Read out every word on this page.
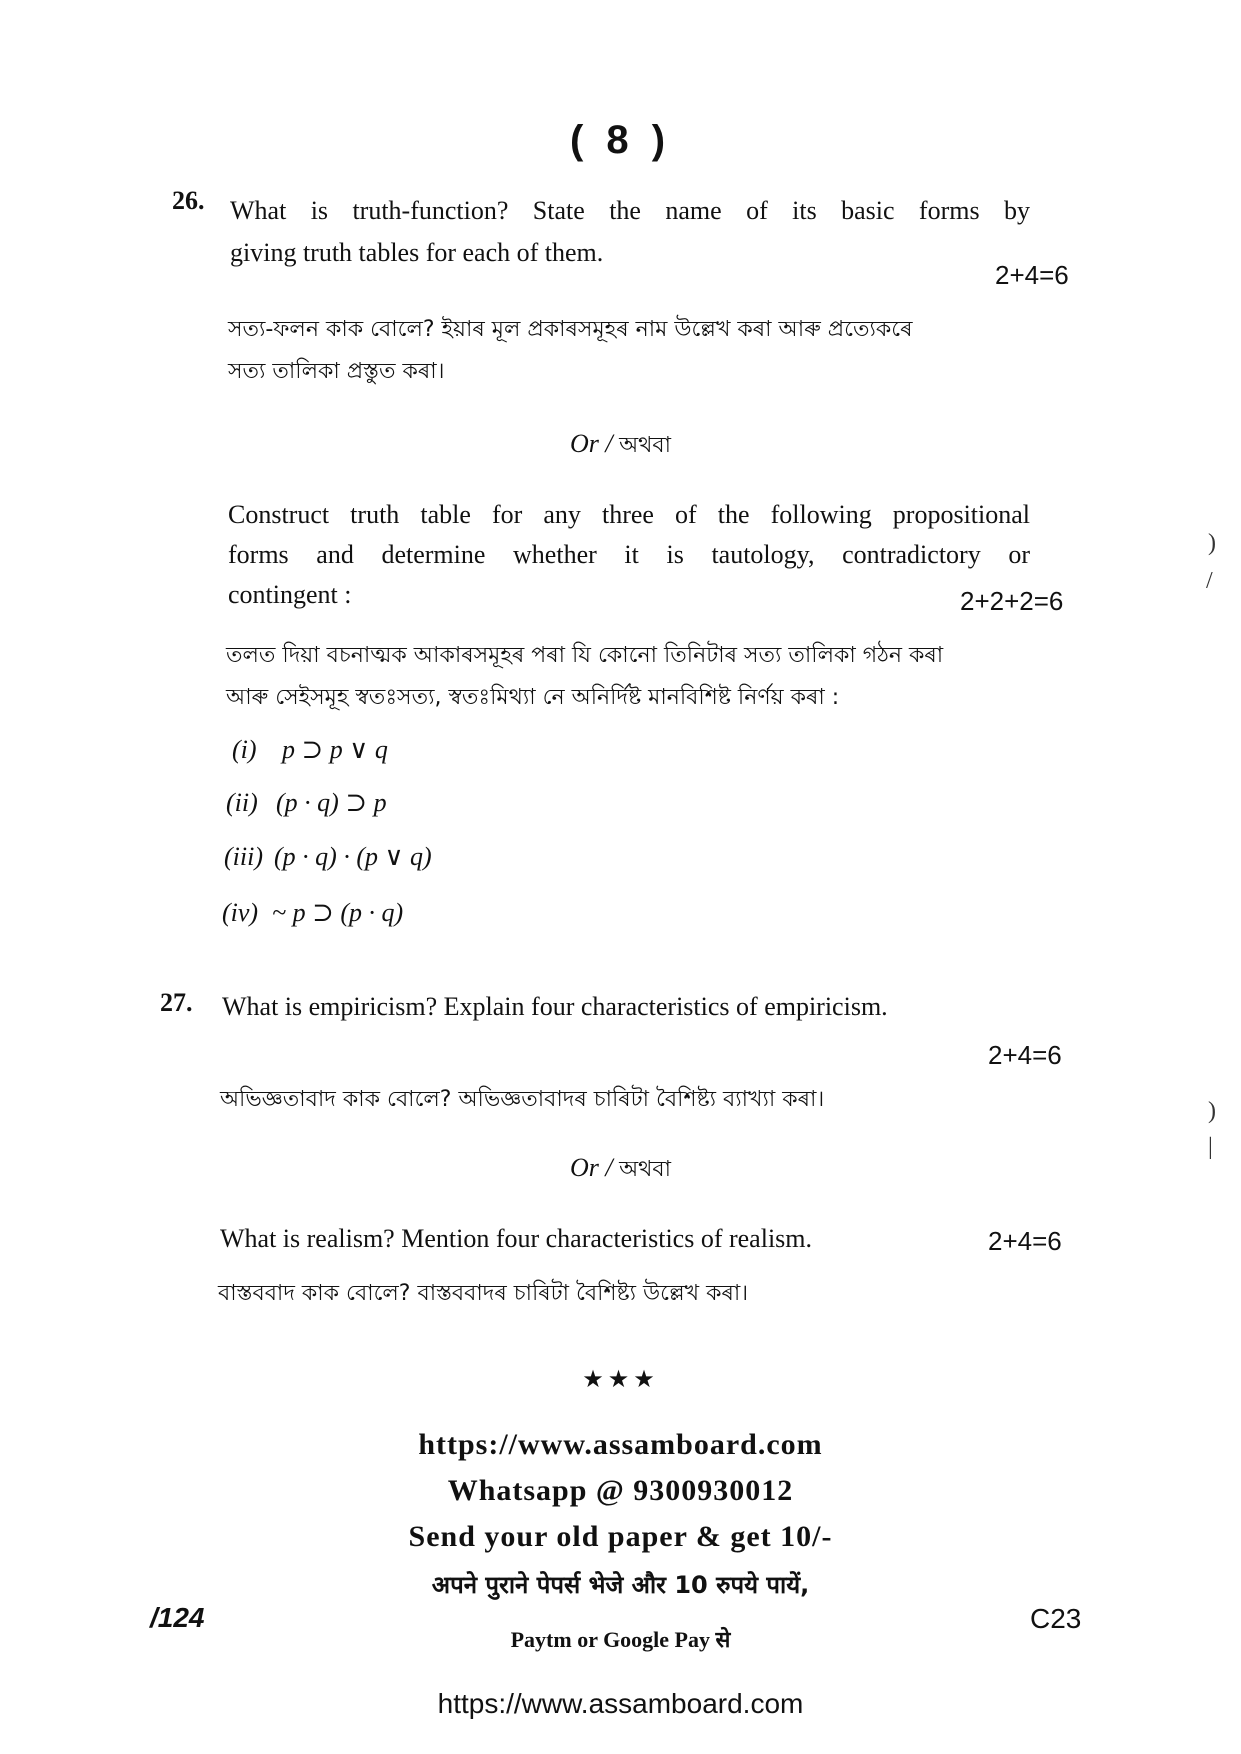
( 8 )
26. What is truth-function? State the name of its basic forms by
giving truth tables for each of them.
2+4=6
সত্য-ফলন কাক বোলে? ইয়াৰ মূল প্ৰকাৰসমূহৰ নাম উল্লেখ কৰা আৰু প্ৰত্যেকৰে
সত্য তালিকা প্ৰস্তুত কৰা।
Or / অথবা
Construct truth table for any three of the following propositional
forms and determine whether it is tautology, contradictory or
contingent :	2+2+2=6
তলত দিয়া বচনাত্মক আকাৰসমূহৰ পৰা যি কোনো তিনিটাৰ সত্য তালিকা গঠন কৰা
আৰু সেইসমূহ স্বতঃসত্য, স্বতঃমিথ্যা নে অনিৰ্দিষ্ট মানবিশিষ্ট নিৰ্ণয় কৰা :
(i) p ⊃ p ∨ q
(ii) (p · q) ⊃ p
(iii) (p · q) · (p ∨ q)
(iv) ~ p ⊃ (p · q)
27. What is empiricism? Explain four characteristics of empiricism.
2+4=6
অভিজ্ঞতাবাদ কাক বোলে? অভিজ্ঞতাবাদৰ চাৰিটা বৈশিষ্ট্য ব্যাখ্যা কৰা।
Or / অথবা
What is realism? Mention four characteristics of realism.	2+4=6
বাস্তববাদ কাক বোলে? বাস্তববাদৰ চাৰিটা বৈশিষ্ট্য উল্লেখ কৰা।
★★★
https://www.assamboard.com
Whatsapp @ 9300930012
Send your old paper & get 10/-
अपने पुराने पेपर्स भेजे और 10 रुपये पायें,
Paytm or Google Pay से
/124	C23
https://www.assamboard.com
)
/
)
|
